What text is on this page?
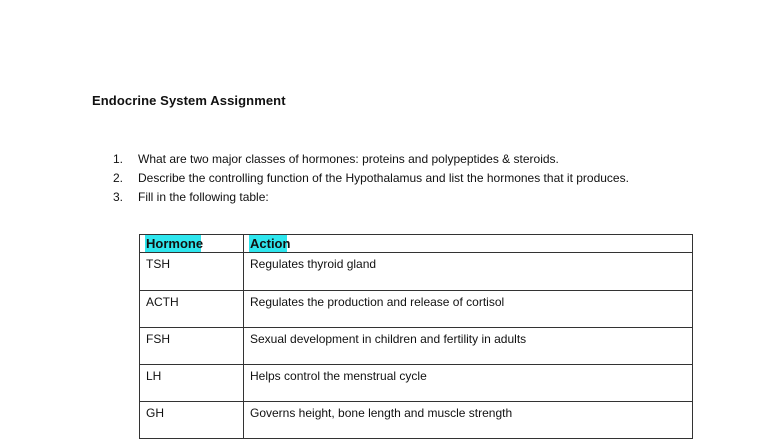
Endocrine System Assignment
1. What are two major classes of hormones: proteins and polypeptides & steroids.
2. Describe the controlling function of the Hypothalamus and list the hormones that it produces.
3. Fill in the following table:
Hormone	Action
TSH	Regulates thyroid gland
ACTH	Regulates the production and release of cortisol
FSH	Sexual development in children and fertility in adults
LH	Helps control the menstrual cycle
GH	Governs height, bone length and muscle strength
